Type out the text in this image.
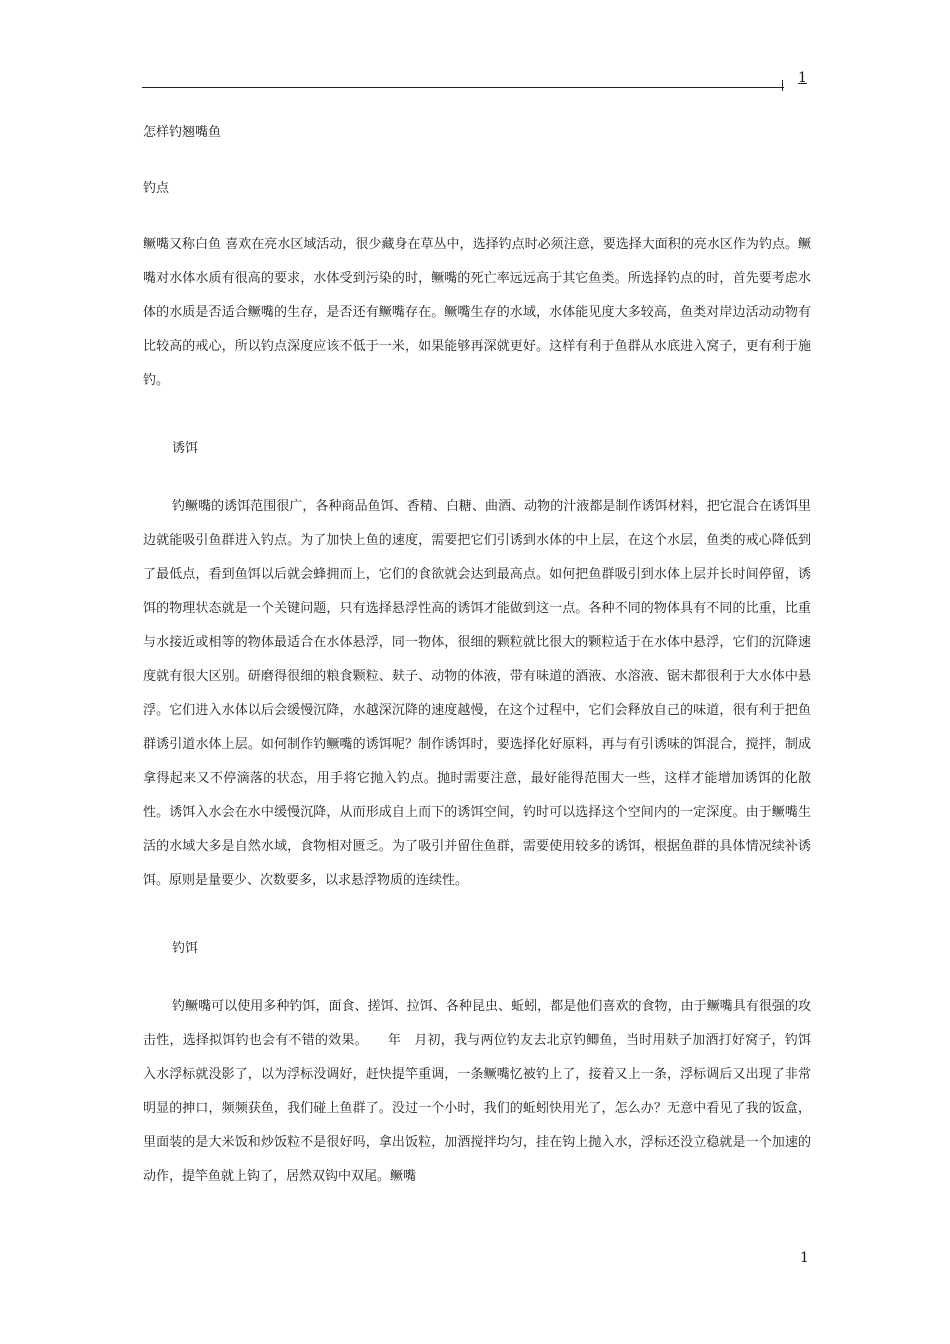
1
怎样钓翘嘴鱼
钓点

鳜嘴又称白鱼 喜欢在亮水区域活动，很少藏身在草丛中，选择钓点时必须注意，要选择大面积的亮水区作为钓点。鳜嘴对水体水质有很高的要求，水体受到污染的时，鳜嘴的死亡率远远高于其它鱼类。所选择钓点的时，首先要考虑水体的水质是否适合鳜嘴的生存，是否还有鳜嘴存在。鳜嘴生存的水域，水体能见度大多较高，鱼类对岸边活动动物有比较高的戒心，所以钓点深度应该不低于一米，如果能够再深就更好。这样有利于鱼群从水底进入窝子，更有利于施钓。

诱饵

钓鳜嘴的诱饵范围很广，各种商品鱼饵、香精、白糖、曲酒、动物的汁液都是制作诱饵材料，把它混合在诱饵里边就能吸引鱼群进入钓点。为了加快上鱼的速度，需要把它们引诱到水体的中上层，在这个水层，鱼类的戒心降低到了最低点，看到鱼饵以后就会蜂拥而上，它们的食欲就会达到最高点。如何把鱼群吸引到水体上层并长时间停留，诱饵的物理状态就是一个关键问题，只有选择悬浮性高的诱饵才能做到这一点。各种不同的物体具有不同的比重，比重与水接近或相等的物体最适合在水体悬浮，同一物体，很细的颗粒就比很大的颗粒适于在水体中悬浮，它们的沉降速度就有很大区别。研磨得很细的粮食颗粒、麸子、动物的体液，带有味道的酒液、水溶液、锯末都很利于大水体中悬浮。它们进入水体以后会缓慢沉降，水越深沉降的速度越慢，在这个过程中，它们会释放自己的味道，很有利于把鱼群诱引道水体上层。如何制作钓鳜嘴的诱饵呢？制作诱饵时，要选择化好原料，再与有引诱味的饵混合，搅拌，制成拿得起来又不停滴落的状态，用手将它抛入钓点。抛时需要注意，最好能得范围大一些，这样才能增加诱饵的化散性。诱饵入水会在水中缓慢沉降，从而形成自上而下的诱饵空间，钓时可以选择这个空间内的一定深度。由于鳜嘴生活的水域大多是自然水域，食物相对匮乏。为了吸引并留住鱼群，需要使用较多的诱饵，根据鱼群的具体情况续补诱饵。原则是量要少、次数要多，以求悬浮物质的连续性。

钓饵

钓鳜嘴可以使用多种钓饵，面食、搓饵、拉饵、各种昆虫、蚯蚓，都是他们喜欢的食物，由于鳜嘴具有很强的攻击性，选择拟饵钓也会有不错的效果。　　年　月初，我与两位钓友去北京钓鲫鱼，当时用麸子加酒打好窝子，钓饵入水浮标就没影了，以为浮标没调好，赶快提竿重调，一条鳜嘴忆被钓上了，接着又上一条，浮标调后又出现了非常明显的抻口，频频获鱼，我们碰上鱼群了。没过一个小时，我们的蚯蚓快用光了，怎么办？无意中看见了我的饭盒，里面装的是大米饭和炒饭粒不是很好吗，拿出饭粒，加酒搅拌均匀，挂在钩上抛入水，浮标还没立稳就是一个加速的动作，提竿鱼就上钩了，居然双钩中双尾。鳜嘴

1
